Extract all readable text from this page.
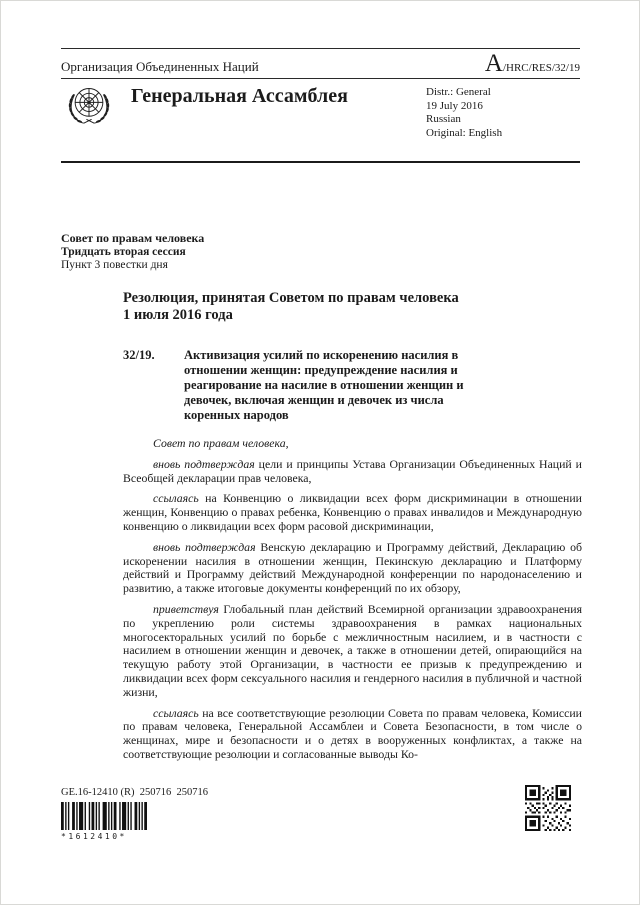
Организация Объединенных Наций	A /HRC/RES/32/19
Генеральная Ассамблея	Distr.: General
19 July 2016
Russian
Original: English
Совет по правам человека
Тридцать вторая сессия
Пункт 3 повестки дня
Резолюция, принятая Советом по правам человека
1 июля 2016 года
32/19.	Активизация усилий по искоренению насилия в отношении женщин: предупреждение насилия и реагирование на насилие в отношении женщин и девочек, включая женщин и девочек из числа коренных народов

Совет по правам человека,

вновь подтверждая цели и принципы Устава Организации Объединенных Наций и Всеобщей декларации прав человека,

ссылаясь на Конвенцию о ликвидации всех форм дискриминации в отношении женщин, Конвенцию о правах ребенка, Конвенцию о правах инвалидов и Международную конвенцию о ликвидации всех форм расовой дискриминации,

вновь подтверждая Венскую декларацию и Программу действий, Декларацию об искоренении насилия в отношении женщин, Пекинскую декларацию и Платформу действий и Программу действий Международной конференции по народонаселению и развитию, а также итоговые документы конференций по их обзору,

приветствуя Глобальный план действий Всемирной организации здравоохранения по укреплению роли системы здравоохранения в рамках национальных многосекторальных усилий по борьбе с межличностным насилием, и в частности с насилием в отношении женщин и девочек, а также в отношении детей, опирающийся на текущую работу этой Организации, в частности ее призыв к предупреждению и ликвидации всех форм сексуального насилия и гендерного насилия в публичной и частной жизни,

ссылаясь на все соответствующие резолюции Совета по правам человека, Комиссии по правам человека, Генеральной Ассамблеи и Совета Безопасности, в том числе о женщинах, мире и безопасности и о детях в вооруженных конфликтах, а также на соответствующие резолюции и согласованные выводы Ко-

GE.16-12410 (R)  250716  250716
*1612410*
